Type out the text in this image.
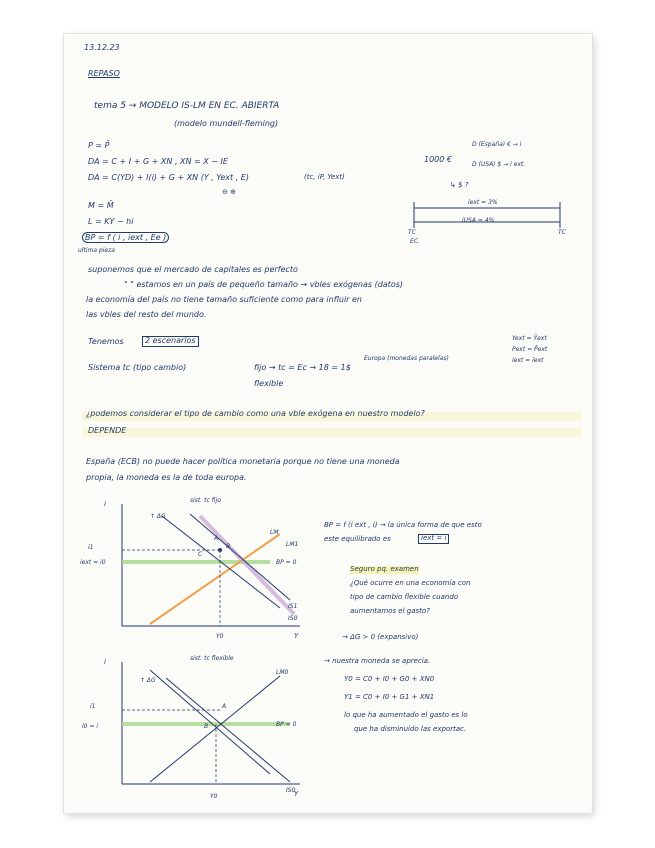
13.12.23
REPASO
tema 5 → MODELO IS-LM EN EC. ABIERTA
(modelo mundell-fleming)
P = P̄
DA = C + I + G + XN , XN = X − IE
DA = C(YD) + I(i) + G + XN (Y , Yext , E)	(tc, iP, Yext)
⊖ ⊕
M = M̄
L = KY − hi
BP = f ( i , iext , Ee )
ultima pieza
1000 €
D (España) € → i
D (USA) $ → i ext.
↳ $ ?
iext = 3%
iUSA = 4%
TC
EC.
TC
suponemos que el mercado de capitales es perfecto
" " estamos en un país de pequeño tamaño → vbles exógenas (datos)
la economía del país no tiene tamaño suficiente como para influir en
las vbles del resto del mundo.
Tenemos	2 escenarios	Yext = Ȳext
Pext = P̄ext
iext = īext
Sistema tc (tipo cambio)	fijo → tc = Ec → 18 = 1$
Europa (monedas paralelas)
flexible
¿podemos considerar el tipo de cambio como una vble exógena en nuestro modelo?
DEPENDE
España (ECB) no puede hacer política monetaria porque no tiene una moneda
propia, la moneda es la de toda europa.
i
Y
i1
iext = i0
Y0
sist. tc fijo
↑ ΔG
LM
LM1
IS1
IS0
BP = 0
B
C
A
BP = f (i ext , i) → la única forma de que esto
este equilibrado es	iext = i
Seguro pq. examen
¿Qué ocurre en una economía con
tipo de cambio flexible cuando
aumentamos el gasto?
→ ΔG > 0 (expansivo)
i
Y
i1
i0 = i
Y0
sist. tc flexible
↑ ΔG
LM0
BP = 0
IS0
A
B
→ nuestra moneda se aprecia.
Y0 = C0 + I0 + G0 + XN0
Y1 = C0 + I0 + G1 + XN1
lo que ha aumentado el gasto es lo
que ha disminuido las exportac.
